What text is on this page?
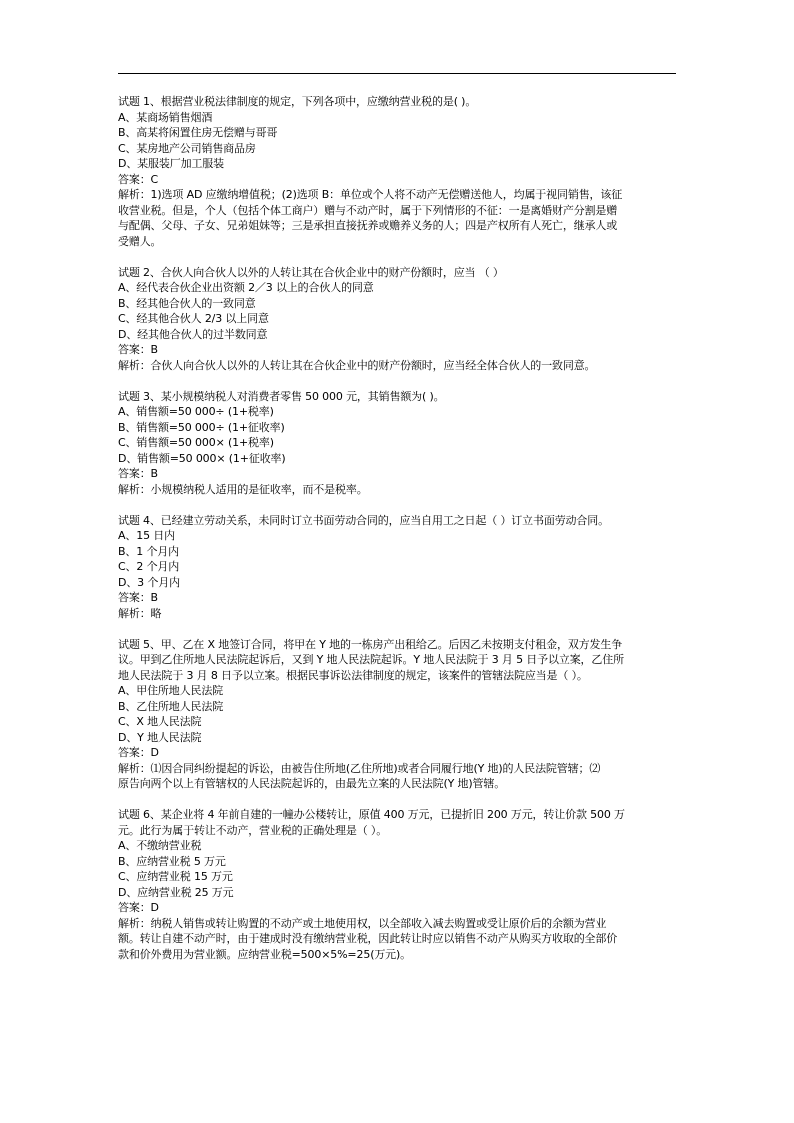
试题 1、根据营业税法律制度的规定，下列各项中，应缴纳营业税的是( )。
A、某商场销售烟酒
B、高某将闲置住房无偿赠与哥哥
C、某房地产公司销售商品房
D、某服装厂加工服装
答案：C
解析：1)选项 AD 应缴纳增值税；(2)选项 B：单位或个人将不动产无偿赠送他人，均属于视同销售，该征
收营业税。但是，个人（包括个体工商户）赠与不动产时，属于下列情形的不征：一是离婚财产分割是赠
与配偶、父母、子女、兄弟姐妹等；三是承担直接抚养或赡养义务的人；四是产权所有人死亡，继承人或
受赠人。
试题 2、合伙人向合伙人以外的人转让其在合伙企业中的财产份额时，应当 （ ）
A、经代表合伙企业出资额 2／3 以上的合伙人的同意
B、经其他合伙人的一致同意
C、经其他合伙人 2/3 以上同意
D、经其他合伙人的过半数同意
答案：B
解析：合伙人向合伙人以外的人转让其在合伙企业中的财产份额时，应当经全体合伙人的一致同意。
试题 3、某小规模纳税人对消费者零售 50 000 元，其销售额为( )。
A、销售额=50 000÷ (1+税率)
B、销售额=50 000÷ (1+征收率)
C、销售额=50 000× (1+税率)
D、销售额=50 000× (1+征收率)
答案：B
解析：小规模纳税人适用的是征收率，而不是税率。
试题 4、已经建立劳动关系，未同时订立书面劳动合同的，应当自用工之日起（ ）订立书面劳动合同。
A、15 日内
B、1 个月内
C、2 个月内
D、3 个月内
答案：B
解析：略
试题 5、甲、乙在 X 地签订合同，将甲在 Y 地的一栋房产出租给乙。后因乙未按期支付租金，双方发生争
议。甲到乙住所地人民法院起诉后，又到 Y 地人民法院起诉。Y 地人民法院于 3 月 5 日予以立案，乙住所
地人民法院于 3 月 8 日予以立案。根据民事诉讼法律制度的规定，该案件的管辖法院应当是（ ）。
A、甲住所地人民法院
B、乙住所地人民法院
C、X 地人民法院
D、Y 地人民法院
答案：D
解析：⑴因合同纠纷提起的诉讼，由被告住所地(乙住所地)或者合同履行地(Y 地)的人民法院管辖；⑵
原告向两个以上有管辖权的人民法院起诉的，由最先立案的人民法院(Y 地)管辖。
试题 6、某企业将 4 年前自建的一幢办公楼转让，原值 400 万元，已提折旧 200 万元，转让价款 500 万
元。此行为属于转让不动产，营业税的正确处理是（ ）。
A、不缴纳营业税
B、应纳营业税 5 万元
C、应纳营业税 15 万元
D、应纳营业税 25 万元
答案：D
解析：纳税人销售或转让购置的不动产或土地使用权，以全部收入减去购置或受让原价后的余额为营业
额。转让自建不动产时，由于建成时没有缴纳营业税，因此转让时应以销售不动产从购买方收取的全部价
款和价外费用为营业额。应纳营业税=500×5%=25(万元)。
